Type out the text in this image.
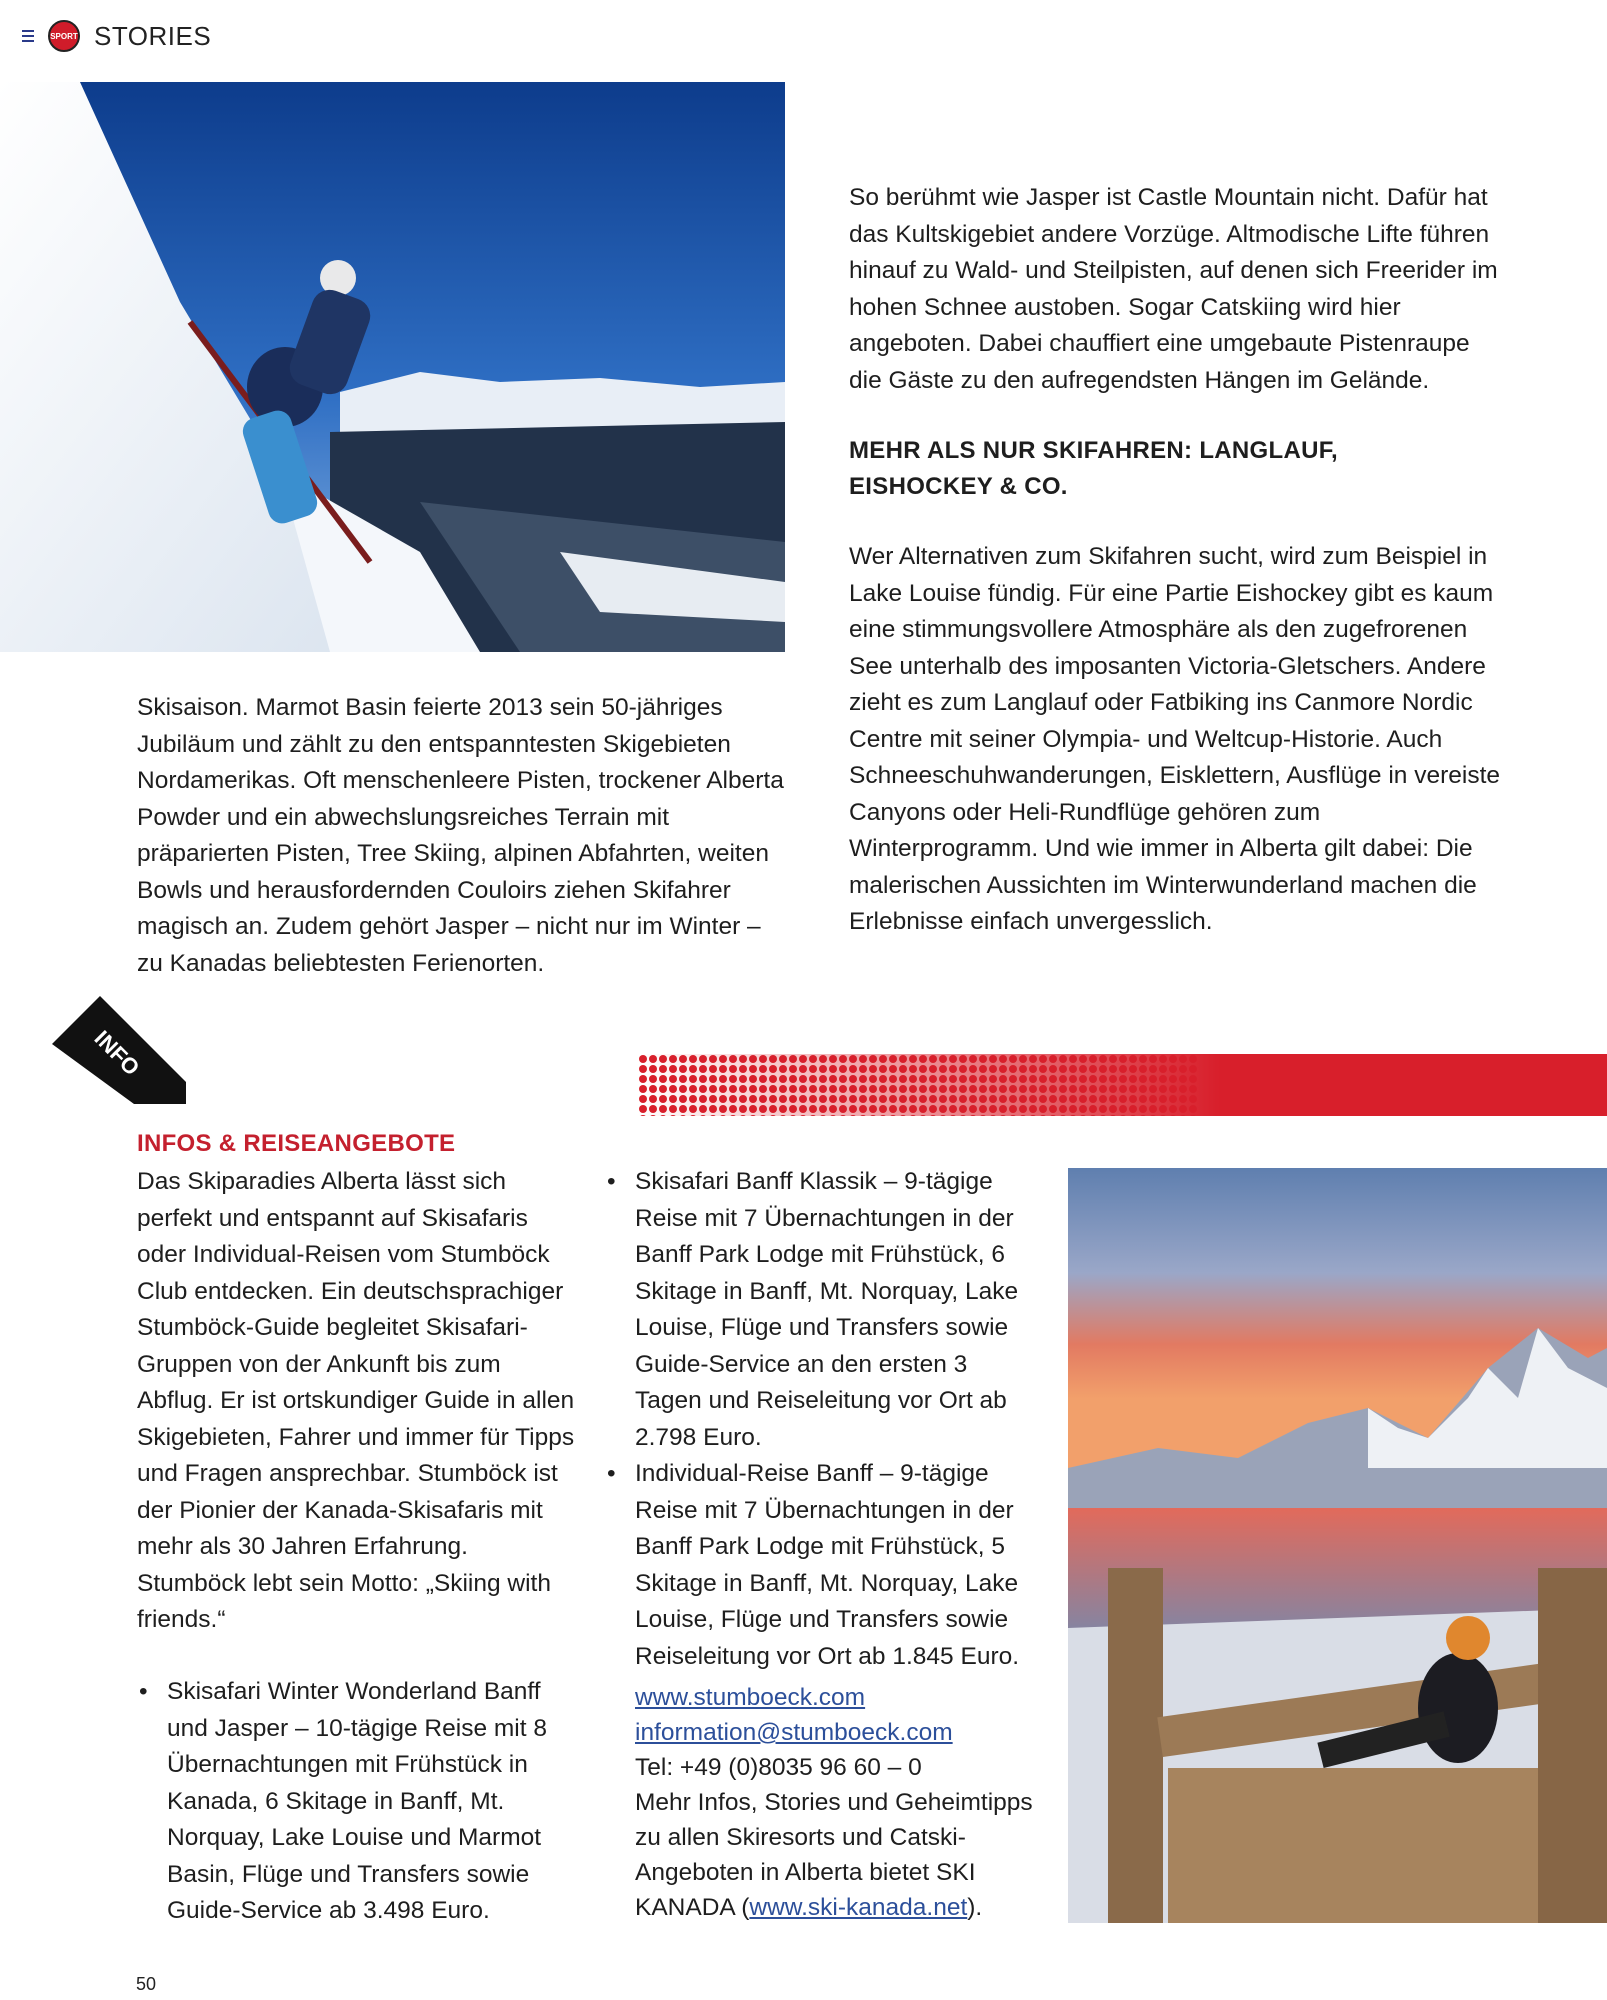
SPORT STORIES
Skisaison. Marmot Basin feierte 2013 sein 50-jähriges Jubiläum und zählt zu den entspanntesten Skigebieten Nordamerikas. Oft menschenleere Pisten, trockener Alberta Powder und ein abwechslungsreiches Terrain mit präparierten Pisten, Tree Skiing, alpinen Abfahrten, weiten Bowls und herausfordernden Couloirs ziehen Skifahrer magisch an. Zudem gehört Jasper – nicht nur im Winter – zu Kanadas beliebtesten Ferienorten.
So berühmt wie Jasper ist Castle Mountain nicht. Dafür hat das Kultskigebiet andere Vorzüge. Altmodische Lifte führen hinauf zu Wald- und Steilpisten, auf denen sich Freerider im hohen Schnee austoben. Sogar Catskiing wird hier angeboten. Dabei chauffiert eine umgebaute Pistenraupe die Gäste zu den aufregendsten Hängen im Gelände.
MEHR ALS NUR SKIFAHREN: LANGLAUF, EISHOCKEY & CO.
Wer Alternativen zum Skifahren sucht, wird zum Beispiel in Lake Louise fündig. Für eine Partie Eishockey gibt es kaum eine stimmungsvollere Atmosphäre als den zugefrorenen See unterhalb des imposanten Victoria-Gletschers. Andere zieht es zum Langlauf oder Fatbiking ins Canmore Nordic Centre mit seiner Olympia- und Weltcup-Historie. Auch Schneeschuhwanderungen, Eisklettern, Ausflüge in vereiste Canyons oder Heli-Rundflüge gehören zum Winterprogramm. Und wie immer in Alberta gilt dabei: Die malerischen Aussichten im Winterwunderland machen die Erlebnisse einfach unvergesslich.
INFO
INFOS & REISEANGEBOTE
Das Skiparadies Alberta lässt sich perfekt und entspannt auf Skisafaris oder Individual-Reisen vom Stumböck Club entdecken. Ein deutschsprachiger Stumböck-Guide begleitet Skisafari-Gruppen von der Ankunft bis zum Abflug. Er ist ortskundiger Guide in allen Skigebieten, Fahrer und immer für Tipps und Fragen ansprechbar. Stumböck ist der Pionier der Kanada-Skisafaris mit mehr als 30 Jahren Erfahrung. Stumböck lebt sein Motto: „Skiing with friends.“
• Skisafari Winter Wonderland Banff und Jasper – 10-tägige Reise mit 8 Übernachtungen mit Frühstück in Kanada, 6 Skitage in Banff, Mt. Norquay, Lake Louise und Marmot Basin, Flüge und Transfers sowie Guide-Service ab 3.498 Euro.
• Skisafari Banff Klassik – 9-tägige Reise mit 7 Übernachtungen in der Banff Park Lodge mit Frühstück, 6 Skitage in Banff, Mt. Norquay, Lake Louise, Flüge und Transfers sowie Guide-Service an den ersten 3 Tagen und Reiseleitung vor Ort ab 2.798 Euro.
• Individual-Reise Banff – 9-tägige Reise mit 7 Übernachtungen in der Banff Park Lodge mit Frühstück, 5 Skitage in Banff, Mt. Norquay, Lake Louise, Flüge und Transfers sowie Reiseleitung vor Ort ab 1.845 Euro.
www.stumboeck.com
information@stumboeck.com
Tel: +49 (0)8035 96 60 – 0
Mehr Infos, Stories und Geheimtipps zu allen Skiresorts und Catski-Angeboten in Alberta bietet SKI KANADA (www.ski-kanada.net).
50
